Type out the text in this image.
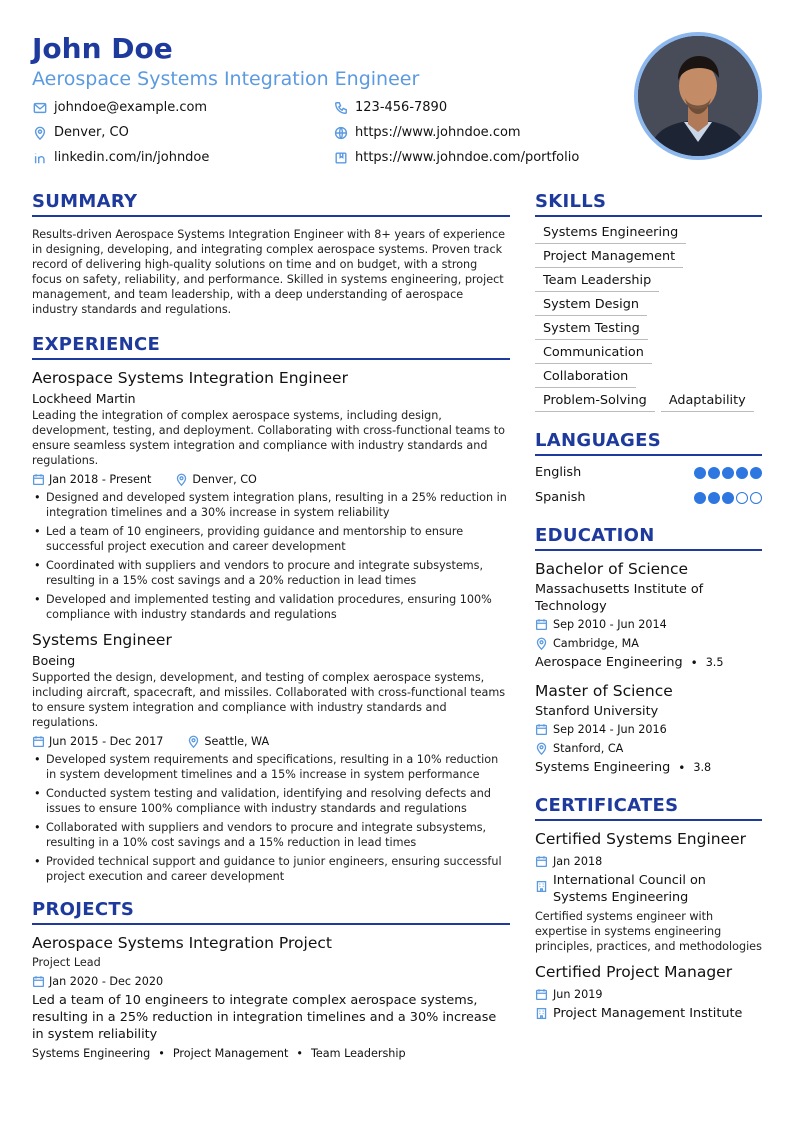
John Doe
Aerospace Systems Integration Engineer
johndoe@example.com	123-456-7890
Denver, CO	https://www.johndoe.com
linkedin.com/in/johndoe	https://www.johndoe.com/portfolio
SUMMARY
Results-driven Aerospace Systems Integration Engineer with 8+ years of experience in designing, developing, and integrating complex aerospace systems. Proven track record of delivering high-quality solutions on time and on budget, with a strong focus on safety, reliability, and performance. Skilled in systems engineering, project management, and team leadership, with a deep understanding of aerospace industry standards and regulations.
EXPERIENCE
Aerospace Systems Integration Engineer
Lockheed Martin
Leading the integration of complex aerospace systems, including design, development, testing, and deployment. Collaborating with cross-functional teams to ensure seamless system integration and compliance with industry standards and regulations.
Jan 2018 - Present	Denver, CO
• Designed and developed system integration plans, resulting in a 25% reduction in integration timelines and a 30% increase in system reliability
• Led a team of 10 engineers, providing guidance and mentorship to ensure successful project execution and career development
• Coordinated with suppliers and vendors to procure and integrate subsystems, resulting in a 15% cost savings and a 20% reduction in lead times
• Developed and implemented testing and validation procedures, ensuring 100% compliance with industry standards and regulations
Systems Engineer
Boeing
Supported the design, development, and testing of complex aerospace systems, including aircraft, spacecraft, and missiles. Collaborated with cross-functional teams to ensure system integration and compliance with industry standards and regulations.
Jun 2015 - Dec 2017	Seattle, WA
• Developed system requirements and specifications, resulting in a 10% reduction in system development timelines and a 15% increase in system performance
• Conducted system testing and validation, identifying and resolving defects and issues to ensure 100% compliance with industry standards and regulations
• Collaborated with suppliers and vendors to procure and integrate subsystems, resulting in a 10% cost savings and a 15% reduction in lead times
• Provided technical support and guidance to junior engineers, ensuring successful project execution and career development
PROJECTS
Aerospace Systems Integration Project
Project Lead
Jan 2020 - Dec 2020
Led a team of 10 engineers to integrate complex aerospace systems, resulting in a 25% reduction in integration timelines and a 30% increase in system reliability
Systems Engineering • Project Management • Team Leadership
SKILLS
Systems Engineering
Project Management
Team Leadership
System Design
System Testing
Communication
Collaboration
Problem-Solving	Adaptability
LANGUAGES
English
Spanish
EDUCATION
Bachelor of Science
Massachusetts Institute of Technology
Sep 2010 - Jun 2014
Cambridge, MA
Aerospace Engineering • 3.5
Master of Science
Stanford University
Sep 2014 - Jun 2016
Stanford, CA
Systems Engineering • 3.8
CERTIFICATES
Certified Systems Engineer
Jan 2018
International Council on Systems Engineering
Certified systems engineer with expertise in systems engineering principles, practices, and methodologies
Certified Project Manager
Jun 2019
Project Management Institute
